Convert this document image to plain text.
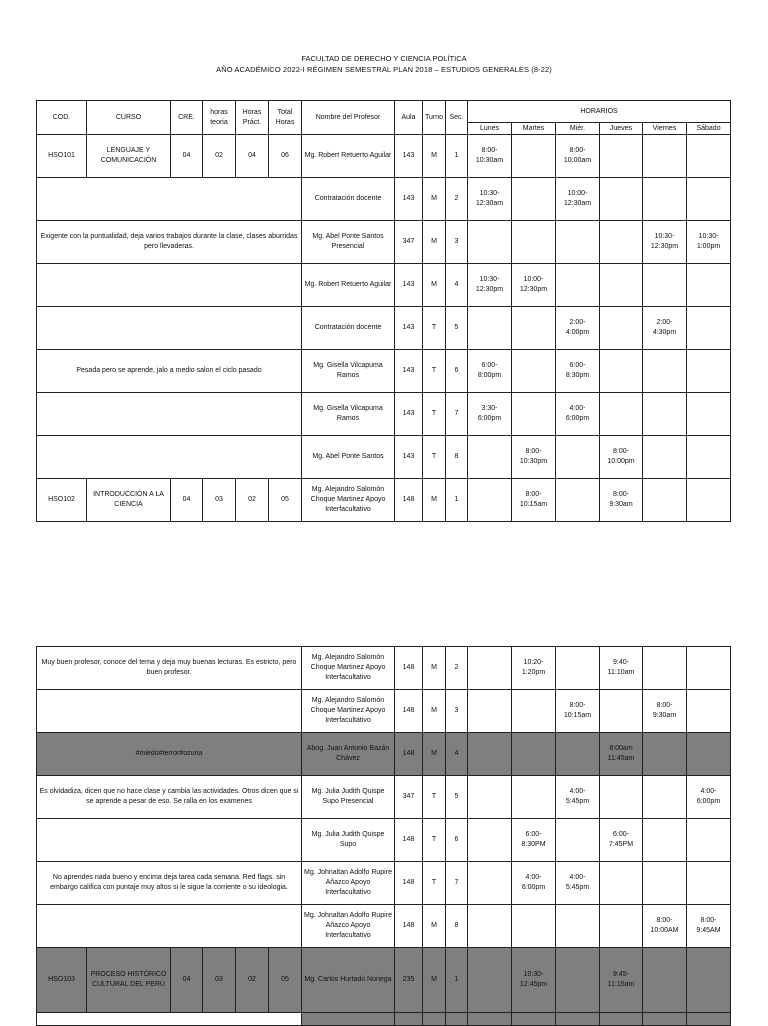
FACULTAD DE DERECHO Y CIENCIA POLÍTICA
AÑO ACADÉMICO 2022-I RÉGIMEN SEMESTRAL PLAN 2018 – ESTUDIOS GENERALES (8-22)
COD.	CURSO	CRE.	horas teoria	Horas Práct.	Total Horas	Nombre del Profesor	Aula	Turno	Sec.	HORARIOS					
										Lunes	Martes	Miér.	Jueves	Viernes	Sábado
HSO101	LENGUAJE Y COMUNICACIÓN	04	02	04	06	Mg. Robert Retuerto Aguilar	143	M	1	8:00- 10:30am		8:00- 10:00am			
						Contratación docente	143	M	2	10:30- 12:30am		10:00- 12:30am			
Exigente con la puntualidad, deja varios trabajos durante la clase, clases aburridas pero llevaderas.						Mg. Abel Ponte Santos Presencial	347	M	3					10:30- 12:30pm	10:30- 1:00pm
						Mg. Robert Retuerto Aguilar	143	M	4	10:30- 12:30pm	10:00- 12:30pm				
						Contratación docente	143	T	5			2:00- 4:00pm		2:00- 4:30pm	
Pesada pero se aprende, jalo a medio salon el ciclo pasado						Mg. Gisella Vilcapuma Ramos	143	T	6	6:00- 8:00pm		6:00- 8:30pm			
						Mg. Gisella Vilcapuma Ramos	143	T	7	3:30- 6:00pm		4:00- 6:00pm			
						Mg. Abel Ponte Santos	143	T	8		8:00- 10:30pm		8:00- 10:00pm		
HSO102	INTRODUCCIÓN A LA CIENCIA	04	03	02	05	Mg. Alejandro Salomón Choque Martinez Apoyo Interfacultativo	148	M	1		8:00- 10:15am		8:00- 9:30am		
Muy buen profesor, conoce del tema y deja muy buenas lecturas. Es estricto, pero buen profesor.						Mg. Alejandro Salomón Choque Martinez Apoyo Interfacultativo	148	M	2		10:20- 1:20pm		9:40- 11:10am		
						Mg. Alejandro Salomón Choque Martinez Apoyo Interfacultativo	148	M	3			8:00- 10:15am		8:00- 9:30am	
#miedo#terror#ozuna						Abog. Juan Antonio Bazán Chávez	148	M	4				8:00am 11:45am		
Es olvidadiza, dicen que no hace clase y cambia las actividades. Otros dicen que si se aprende a pesar de eso. Se ralla en los examenes						Mg. Julia Judith Quispe Supo Presencial	347	T	5			4:00- 5:45pm			4:00- 6:00pm
						Mg. Julia Judith Quispe Supo	148	T	6		6:00- 8:30PM		6:00- 7:45PM		
No aprendes nada bueno y encima deja tarea cada semana. Red flags. sin embargo califica con puntaje muy altos si le sigue la corriente o su ideologia.						Mg. Johnaltan Adolfo Rupire Añazco Apoyo Interfacultativo	148	T	7		4:00- 6:00pm	4:00- 5:45pm			
						Mg. Johnaltan Adolfo Rupire Añazco Apoyo Interfacultativo	148	M	8					8:00- 10:00AM	8:00- 9:45AM
HSO103	PROCESO HISTÓRICO CULTURAL DEL PERÚ	04	03	02	05	Mg. Carlos Hurtado Noriega	235	M	1		10:30- 12:45pm		9:45- 11:15am		
